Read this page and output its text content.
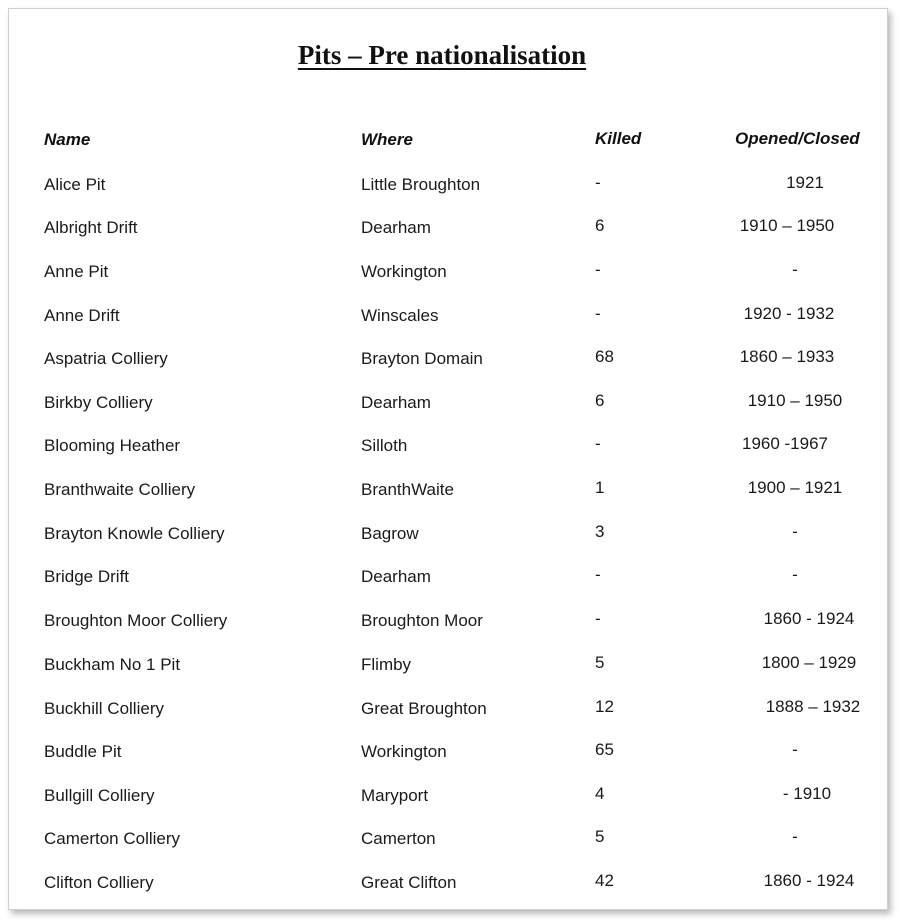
Pits – Pre nationalisation
Name	Where	Killed	Opened/Closed
Alice Pit	Little Broughton	-	1921
Albright Drift	Dearham	6	1910 – 1950
Anne Pit	Workington	-	-
Anne Drift	Winscales	-	1920 - 1932
Aspatria Colliery	Brayton Domain	68	1860 – 1933
Birkby Colliery	Dearham	6	1910 – 1950
Blooming Heather	Silloth	-	1960 -1967
Branthwaite Colliery	BranthWaite	1	1900 – 1921
Brayton Knowle Colliery	Bagrow	3	-
Bridge Drift	Dearham	-	-
Broughton Moor Colliery	Broughton Moor	-	1860 - 1924
Buckham No 1 Pit	Flimby	5	1800 – 1929
Buckhill Colliery	Great Broughton	12	1888 – 1932
Buddle Pit	Workington	65	-
Bullgill Colliery	Maryport	4	- 1910
Camerton Colliery	Camerton	5	-
Clifton Colliery	Great Clifton	42	1860 - 1924
